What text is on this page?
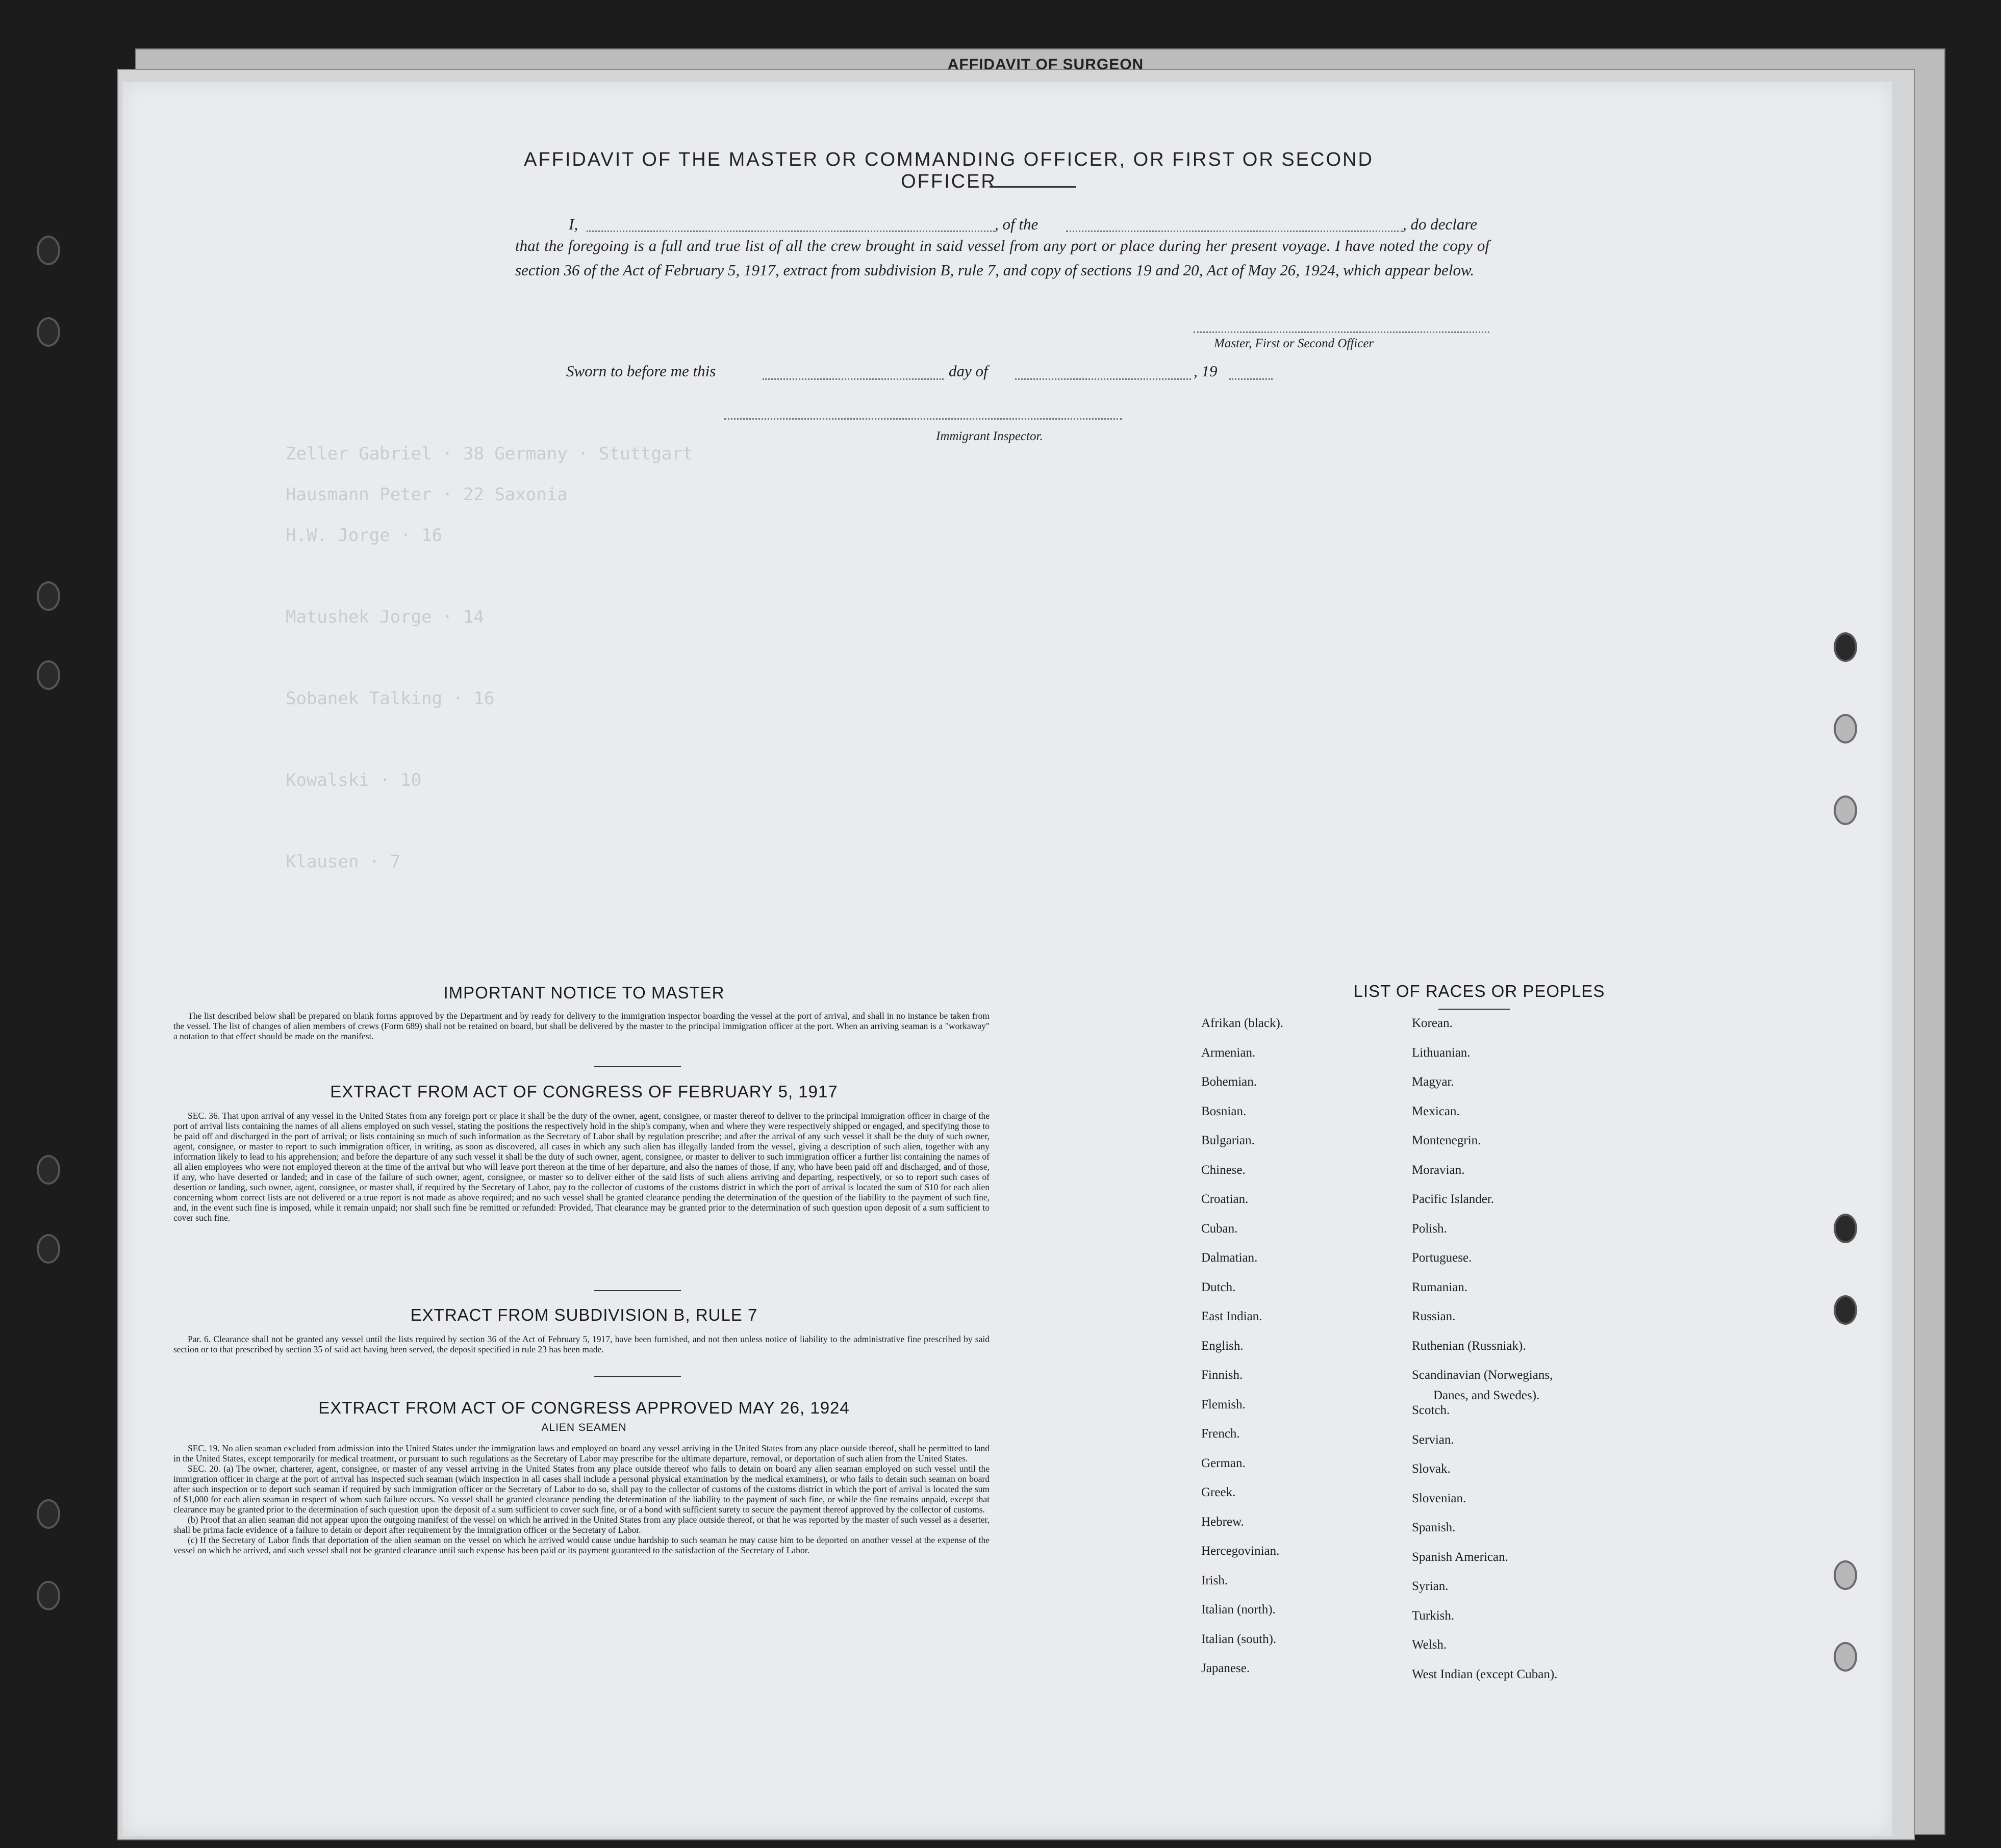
AFFIDAVIT OF SURGEON
Zeller Gabriel · 38 Germany · Stuttgart
Hausmann Peter · 22 Saxonia
H.W. Jorge · 16
Matushek Jorge · 14
Sobanek Talking · 16
Kowalski · 10
Klausen · 7
AFFIDAVIT OF THE MASTER OR COMMANDING OFFICER, OR FIRST OR SECOND OFFICER
I,	, of the	, do declare
that the foregoing is a full and true list of all the crew brought in said vessel from any port or place during her present voyage. I have noted the copy of section 36 of the Act of February 5, 1917, extract from subdivision B, rule 7, and copy of sections 19 and 20, Act of May 26, 1924, which appear below.
Master, First or Second Officer
Sworn to before me this	day of	, 19
Immigrant Inspector.
IMPORTANT NOTICE TO MASTER

The list described below shall be prepared on blank forms approved by the Department and by ready for delivery to the immigration inspector boarding the vessel at the port of arrival, and shall in no instance be taken from the vessel. The list of changes of alien members of crews (Form 689) shall not be retained on board, but shall be delivered by the master to the principal immigration officer at the port. When an arriving seaman is a "workaway" a notation to that effect should be made on the manifest.

EXTRACT FROM ACT OF CONGRESS OF FEBRUARY 5, 1917

SEC. 36. That upon arrival of any vessel in the United States from any foreign port or place it shall be the duty of the owner, agent, consignee, or master thereof to deliver to the principal immigration officer in charge of the port of arrival lists containing the names of all aliens employed on such vessel, stating the positions the respectively hold in the ship's company, when and where they were respectively shipped or engaged, and specifying those to be paid off and discharged in the port of arrival; or lists containing so much of such information as the Secretary of Labor shall by regulation prescribe; and after the arrival of any such vessel it shall be the duty of such owner, agent, consignee, or master to report to such immigration officer, in writing, as soon as discovered, all cases in which any such alien has illegally landed from the vessel, giving a description of such alien, together with any information likely to lead to his apprehension; and before the departure of any such vessel it shall be the duty of such owner, agent, consignee, or master to deliver to such immigration officer a further list containing the names of all alien employees who were not employed thereon at the time of the arrival but who will leave port thereon at the time of her departure, and also the names of those, if any, who have been paid off and discharged, and of those, if any, who have deserted or landed; and in case of the failure of such owner, agent, consignee, or master so to deliver either of the said lists of such aliens arriving and departing, respectively, or so to report such cases of desertion or landing, such owner, agent, consignee, or master shall, if required by the Secretary of Labor, pay to the collector of customs of the customs district in which the port of arrival is located the sum of $10 for each alien concerning whom correct lists are not delivered or a true report is not made as above required; and no such vessel shall be granted clearance pending the determination of the question of the liability to the payment of such fine, and, in the event such fine is imposed, while it remain unpaid; nor shall such fine be remitted or refunded: Provided, That clearance may be granted prior to the determination of such question upon deposit of a sum sufficient to cover such fine.

EXTRACT FROM SUBDIVISION B, RULE 7

Par. 6. Clearance shall not be granted any vessel until the lists required by section 36 of the Act of February 5, 1917, have been furnished, and not then unless notice of liability to the administrative fine prescribed by said section or to that prescribed by section 35 of said act having been served, the deposit specified in rule 23 has been made.

EXTRACT FROM ACT OF CONGRESS APPROVED MAY 26, 1924
ALIEN SEAMEN

SEC. 19. No alien seaman excluded from admission into the United States under the immigration laws and employed on board any vessel arriving in the United States from any place outside thereof, shall be permitted to land in the United States, except temporarily for medical treatment, or pursuant to such regulations as the Secretary of Labor may prescribe for the ultimate departure, removal, or deportation of such alien from the United States.

SEC. 20. (a) The owner, charterer, agent, consignee, or master of any vessel arriving in the United States from any place outside thereof who fails to detain on board any alien seaman employed on such vessel until the immigration officer in charge at the port of arrival has inspected such seaman (which inspection in all cases shall include a personal physical examination by the medical examiners), or who fails to detain such seaman on board after such inspection or to deport such seaman if required by such immigration officer or the Secretary of Labor to do so, shall pay to the collector of customs of the customs district in which the port of arrival is located the sum of $1,000 for each alien seaman in respect of whom such failure occurs. No vessel shall be granted clearance pending the determination of the liability to the payment of such fine, or while the fine remains unpaid, except that clearance may be granted prior to the determination of such question upon the deposit of a sum sufficient to cover such fine, or of a bond with sufficient surety to secure the payment thereof approved by the collector of customs.

(b) Proof that an alien seaman did not appear upon the outgoing manifest of the vessel on which he arrived in the United States from any place outside thereof, or that he was reported by the master of such vessel as a deserter, shall be prima facie evidence of a failure to detain or deport after requirement by the immigration officer or the Secretary of Labor.

(c) If the Secretary of Labor finds that deportation of the alien seaman on the vessel on which he arrived would cause undue hardship to such seaman he may cause him to be deported on another vessel at the expense of the vessel on which he arrived, and such vessel shall not be granted clearance until such expense has been paid or its payment guaranteed to the satisfaction of the Secretary of Labor.

LIST OF RACES OR PEOPLES
Afrikan (black).
Armenian.
Bohemian.
Bosnian.
Bulgarian.
Chinese.
Croatian.
Cuban.
Dalmatian.
Dutch.
East Indian.
English.
Finnish.
Flemish.
French.
German.
Greek.
Hebrew.
Hercegovinian.
Irish.
Italian (north).
Italian (south).
Japanese.
Korean.
Lithuanian.
Magyar.
Mexican.
Montenegrin.
Moravian.
Pacific Islander.
Polish.
Portuguese.
Rumanian.
Russian.
Ruthenian (Russniak).
Scandinavian (Norwegians,
Danes, and Swedes).
Scotch.
Servian.
Slovak.
Slovenian.
Spanish.
Spanish American.
Syrian.
Turkish.
Welsh.
West Indian (except Cuban).
